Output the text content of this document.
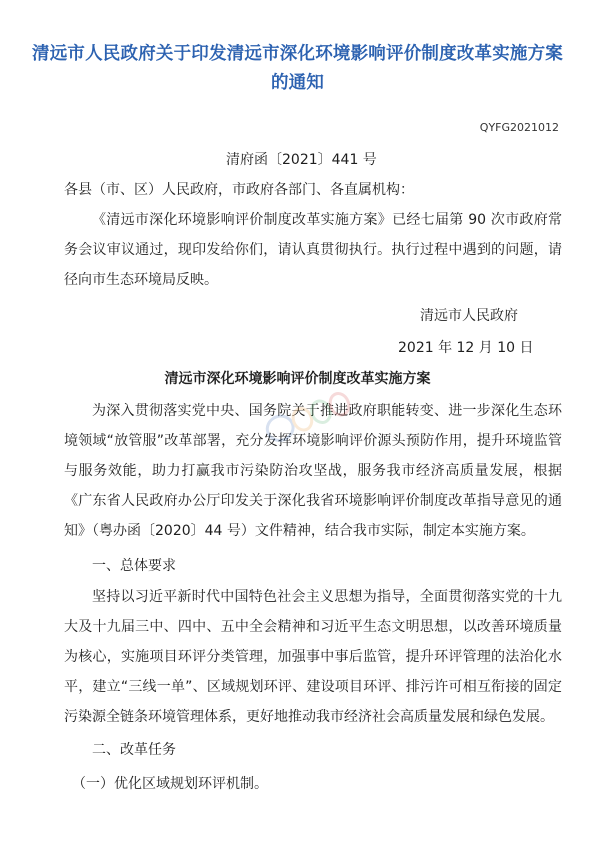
清远市人民政府关于印发清远市深化环境影响评价制度改革实施方案的通知
QYFG2021012
清府函〔2021〕441 号
各县（市、区）人民政府，市政府各部门、各直属机构：
《清远市深化环境影响评价制度改革实施方案》已经七届第 90 次市政府常务会议审议通过，现印发给你们，请认真贯彻执行。执行过程中遇到的问题，请径向市生态环境局反映。
清远市人民政府
2021 年 12 月 10 日
清远市深化环境影响评价制度改革实施方案
为深入贯彻落实党中央、国务院关于推进政府职能转变、进一步深化生态环境领域“放管服”改革部署，充分发挥环境影响评价源头预防作用，提升环境监管与服务效能，助力打赢我市污染防治攻坚战，服务我市经济高质量发展，根据《广东省人民政府办公厅印发关于深化我省环境影响评价制度改革指导意见的通知》（粤办函〔2020〕44 号）文件精神，结合我市实际，制定本实施方案。
一、总体要求
坚持以习近平新时代中国特色社会主义思想为指导，全面贯彻落实党的十九大及十九届三中、四中、五中全会精神和习近平生态文明思想，以改善环境质量为核心，实施项目环评分类管理，加强事中事后监管，提升环评管理的法治化水平，建立“三线一单”、区域规划环评、建设项目环评、排污许可相互衔接的固定污染源全链条环境管理体系，更好地推动我市经济社会高质量发展和绿色发展。
二、改革任务
（一）优化区域规划环评机制。
